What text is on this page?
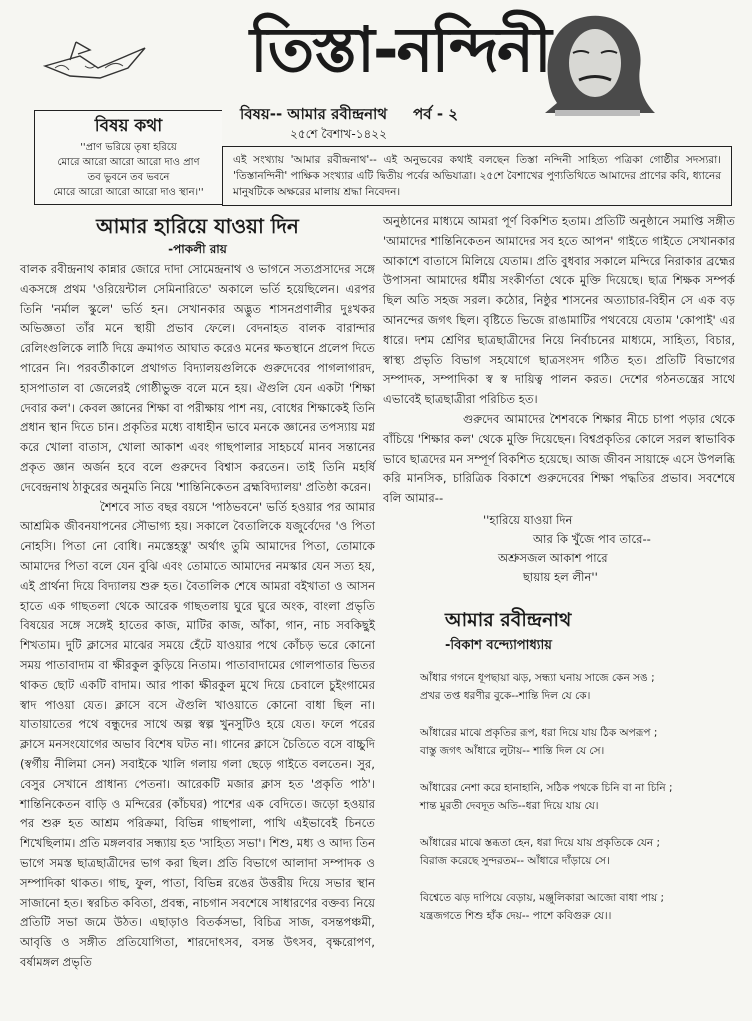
তিস্তা-নন্দিনী
বিষয়-- আমার রবীন্দ্রনাথ পর্ব - ২
২৫শে বৈশাখ-১৪২২
বিষয় কথা
''প্রাণ ভরিয়ে তৃষা হরিয়ে
মোরে আরো আরো আরো দাও প্রাণ
তব ভুবনে তব ভবনে
মোরে আরো আরো আরো দাও স্থান।''
এই সংখ্যায় 'আমার রবীন্দ্রনাথ'-- এই অনুভবের কথাই বলছেন তিস্তা নন্দিনী সাহিত্য পত্রিকা গোষ্ঠীর সদস্যরা। 'তিস্তানন্দিনী' পাক্ষিক সংখ্যার এটি দ্বিতীয় পর্বের অভিযাত্রা। ২৫শে বৈশাখের পুণ্যতিথিতে আমাদের প্রাণের কবি, ধ্যানের মানুষটিকে অক্ষরের মালায় শ্রদ্ধা নিবেদন।
আমার হারিয়ে যাওয়া দিন
-পাকলী রায়

বালক রবীন্দ্রনাথ কান্নার জোরে দাদা সোমেন্দ্রনাথ ও ভাগনে সত্যপ্রসাদের সঙ্গে একসঙ্গে প্রথম 'ওরিয়েন্টাল সেমিনারিতে' অকালে ভর্তি হয়েছিলেন। এরপর তিনি 'নর্মাল স্কুলে' ভর্তি হন। সেখানকার অদ্ভুত শাসনপ্রণালীর দুঃখকর অভিজ্ঞতা তাঁর মনে স্থায়ী প্রভাব ফেলে। বেদনাহত বালক বারান্দার রেলিংগুলিকে লাঠি দিয়ে ক্রমাগত আঘাত করেও মনের ক্ষতস্থানে প্রলেপ দিতে পারেন নি। পরবর্তীকালে প্রথাগত বিদ্যালয়গুলিকে গুরুদেবের পাগলাগারদ, হাসপাতাল বা জেলেরই গোষ্ঠীভুক্ত বলে মনে হয়। ঐগুলি যেন একটা 'শিক্ষা দেবার কল'। কেবল জ্ঞানের শিক্ষা বা পরীক্ষায় পাশ নয়, বোধের শিক্ষাকেই তিনি প্রধান স্থান দিতে চান। প্রকৃতির মধ্যে বাধাহীন ভাবে মনকে জ্ঞানের তপস্যায় মগ্ন করে খোলা বাতাস, খোলা আকাশ এবং গাছপালার সাহচর্যে মানব সন্তানের প্রকৃত জ্ঞান অর্জন হবে বলে গুরুদেব বিশ্বাস করতেন। তাই তিনি মহর্ষি দেবেন্দ্রনাথ ঠাকুরের অনুমতি নিয়ে 'শান্তিনিকেতন ব্রহ্মবিদ্যালয়' প্রতিষ্ঠা করেন।

শৈশবে সাত বছর বয়সে 'পাঠভবনে' ভর্তি হওয়ার পর আমার আশ্রমিক জীবনযাপনের সৌভাগ্য হয়। সকালে বৈতালিকে যজুর্বেদের 'ও পিতা নোহসি। পিতা নো বোধি। নমস্তেহস্তু' অর্থাৎ তুমি আমাদের পিতা, তোমাকে আমাদের পিতা বলে যেন বুঝি এবং তোমাতে আমাদের নমস্কার যেন সত্য হয়, এই প্রার্থনা দিয়ে বিদ্যালয় শুরু হত। বৈতালিক শেষে আমরা বইখাতা ও আসন হাতে এক গাছতলা থেকে আরেক গাছতলায় ঘুরে ঘুরে অংক, বাংলা প্রভৃতি বিষয়ের সঙ্গে সঙ্গেই হাতের কাজ, মাটির কাজ, আঁকা, গান, নাচ সবকিছুই শিখতাম। দুটি ক্লাসের মাঝের সময়ে হেঁটে যাওয়ার পথে কোঁচড় ভরে কোনো সময় পাতাবাদাম বা ক্ষীরকুল কুড়িয়ে নিতাম। পাতাবাদামের গোলপাতার ভিতর থাকত ছোট একটি বাদাম। আর পাকা ক্ষীরকুল মুখে দিয়ে চেবালে চুইংগামের স্বাদ পাওয়া যেত। ক্লাসে বসে ঐগুলি খাওয়াতে কোনো বাধা ছিল না। যাতায়াতের পথে বন্ধুদের সাথে অল্প স্বল্প খুনসুটিও হয়ে যেত। ফলে পরের ক্লাসে মনসংযোগের অভাব বিশেষ ঘটত না। গানের ক্লাসে চৈতিতে বসে বাচ্চুদি (স্বর্গীয় নীলিমা সেন) সবাইকে খালি গলায় গলা ছেড়ে গাইতে বলতেন। সুর, বেসুর সেখানে প্রাধান্য পেতনা। আরেকটি মজার ক্লাস হত 'প্রকৃতি পাঠ'। শান্তিনিকেতন বাড়ি ও মন্দিরের (কাঁচঘর) পাশের এক বেদিতে। জড়ো হওয়ার পর শুরু হত আশ্রম পরিক্রমা, বিভিন্ন গাছপালা, পাখি এইভাবেই চিনতে শিখেছিলাম। প্রতি মঙ্গলবার সন্ধ্যায় হত 'সাহিত্য সভা'। শিশু, মধ্য ও আদ্য তিন ভাগে সমস্ত ছাত্রছাত্রীদের ভাগ করা ছিল। প্রতি বিভাগে আলাদা সম্পাদক ও সম্পাদিকা থাকত। গাছ, ফুল, পাতা, বিভিন্ন রঙের উত্তরীয় দিয়ে সভার স্থান সাজানো হত। স্বরচিত কবিতা, প্রবন্ধ, নাচগান সবশেষে সাধারণের বক্তব্য নিয়ে প্রতিটি সভা জমে উঠত। এছাড়াও বিতর্কসভা, বিচিত্র সাজ, বসন্তপঞ্চমী, আবৃত্তি ও সঙ্গীত প্রতিযোগিতা, শারদোৎসব, বসন্ত উৎসব, বৃক্ষরোপণ, বর্ষামঙ্গল প্রভৃতি

অনুষ্ঠানের মাধ্যমে আমরা পূর্ণ বিকশিত হতাম। প্রতিটি অনুষ্ঠানে সমাপ্তি সঙ্গীত 'আমাদের শান্তিনিকেতন আমাদের সব হতে আপন' গাইতে গাইতে সেখানকার আকাশে বাতাসে মিলিয়ে যেতাম। প্রতি বুধবার সকালে মন্দিরে নিরাকার ব্রহ্মের উপাসনা আমাদের ধর্মীয় সংকীর্ণতা থেকে মুক্তি দিয়েছে। ছাত্র শিক্ষক সম্পর্ক ছিল অতি সহজ সরল। কঠোর, নিষ্ঠুর শাসনের অত্যাচার-বিহীন সে এক বড় আনন্দের জগৎ ছিল। বৃষ্টিতে ভিজে রাঙামাটির পথবেয়ে যেতাম 'কোপাই' এর ধারে। দশম শ্রেণির ছাত্রছাত্রীদের নিয়ে নির্বাচনের মাধ্যমে, সাহিত্য, বিচার, স্বাস্থ্য প্রভৃতি বিভাগ সহযোগে ছাত্রসংসদ গঠিত হত। প্রতিটি বিভাগের সম্পাদক, সম্পাদিকা স্ব স্ব দায়িত্ব পালন করত। দেশের গঠনতন্ত্রের সাথে এভাবেই ছাত্রছাত্রীরা পরিচিত হত।

গুরুদেব আমাদের শৈশবকে শিক্ষার নীচে চাপা পড়ার থেকে বাঁচিয়ে 'শিক্ষার কল' থেকে মুক্তি দিয়েছেন। বিশ্বপ্রকৃতির কোলে সরল স্বাভাবিক ভাবে ছাত্রদের মন সম্পূর্ণ বিকশিত হয়েছে। আজ জীবন সায়াহ্নে এসে উপলব্ধি করি মানসিক, চারিত্রিক বিকাশে গুরুদেবের শিক্ষা পদ্ধতির প্রভাব। সবশেষে বলি আমার--

''হারিয়ে যাওয়া দিন
আর কি খুঁজে পাব তারে--
অশ্রুসজল আকাশ পারে
ছায়ায় হল লীন''
আমার রবীন্দ্রনাথ
-বিকাশ বন্দ্যোপাধ্যায়
আঁধার গগনে ধূপছায়া ঝড়, সন্ধ্যা ঘনায় সাজে কেন সঙ ;
প্রখর তপ্ত ধরণীর বুকে--শান্তি দিল যে কে।
আঁধারের মাঝে প্রকৃতির রূপ, ধরা দিয়ে যায় ঠিক অপরূপ ;
বাস্তু জগৎ আঁধারে লুটায়-- শান্তি দিল যে সে।
আঁধারের নেশা করে হানাহানি, সঠিক পথকে চিনি বা না চিনি ;
শান্ত মুরতী দেবদূত অতি--ধরা দিয়ে যায় যে।
আঁধারের মাঝে স্তব্ধতা হেন, ধরা দিয়ে যায় প্রকৃতিকে যেন ;
বিরাজ করেছে সুন্দরতম-- আঁধারে দাঁড়ায়ে সে।
বিশ্বেতে ঝড় দাপিয়ে বেড়ায়, মঞ্জুলিকারা আজো বাধা পায় ;
যন্ত্রজগতে শিশু হাঁক দেয়-- পাশে কবিগুরু যে।।
